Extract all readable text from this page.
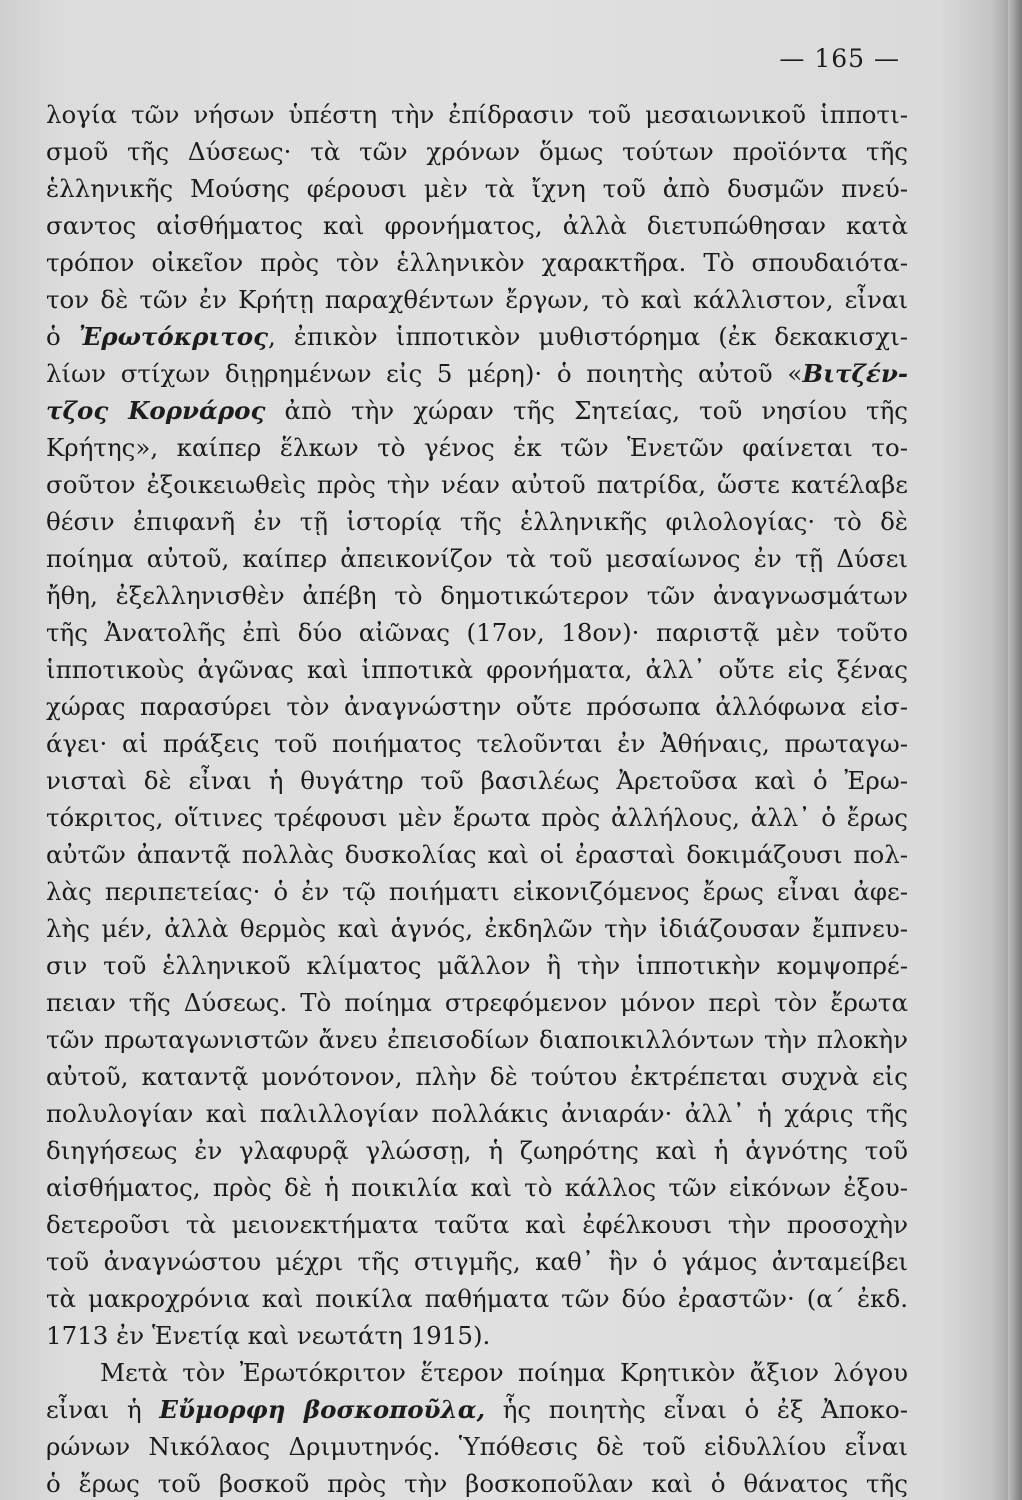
— 165 —
λογία τῶν νήσων ὑπέστη τὴν ἐπίδρασιν τοῦ μεσαιωνικοῦ ἱπποτι-
σμοῦ τῆς Δύσεως· τὰ τῶν χρόνων ὅμως τούτων προϊόντα τῆς
ἑλληνικῆς Μούσης φέρουσι μὲν τὰ ἴχνη τοῦ ἀπὸ δυσμῶν πνεύ-
σαντος αἰσθήματος καὶ φρονήματος, ἀλλὰ διετυπώθησαν κατὰ
τρόπον οἰκεῖον πρὸς τὸν ἑλληνικὸν χαρακτῆρα. Τὸ σπουδαιότα-
τον δὲ τῶν ἐν Κρήτῃ παραχθέντων ἔργων, τὸ καὶ κάλλιστον, εἶναι
ὁ Ἐρωτόκριτος, ἐπικὸν ἱπποτικὸν μυθιστόρημα (ἐκ δεκακισχι-
λίων στίχων διῃρημένων εἰς 5 μέρη)· ὁ ποιητὴς αὐτοῦ «Βιτζέν-
τζος Κορνάρος ἀπὸ τὴν χώραν τῆς Σητείας, τοῦ νησίου τῆς
Κρήτης», καίπερ ἕλκων τὸ γένος ἐκ τῶν Ἑνετῶν φαίνεται το-
σοῦτον ἐξοικειωθεὶς πρὸς τὴν νέαν αὐτοῦ πατρίδα, ὥστε κατέλαβε
θέσιν ἐπιφανῆ ἐν τῇ ἱστορίᾳ τῆς ἑλληνικῆς φιλολογίας· τὸ δὲ
ποίημα αὐτοῦ, καίπερ ἀπεικονίζον τὰ τοῦ μεσαίωνος ἐν τῇ Δύσει
ἤθη, ἐξελληνισθὲν ἀπέβη τὸ δημοτικώτερον τῶν ἀναγνωσμάτων
τῆς Ἀνατολῆς ἐπὶ δύο αἰῶνας (17ον, 18ον)· παριστᾷ μὲν τοῦτο
ἱπποτικοὺς ἀγῶνας καὶ ἱπποτικὰ φρονήματα, ἀλλ᾽ οὔτε εἰς ξένας
χώρας παρασύρει τὸν ἀναγνώστην οὔτε πρόσωπα ἀλλόφωνα εἰσ-
άγει· αἱ πράξεις τοῦ ποιήματος τελοῦνται ἐν Ἀθήναις, πρωταγω-
νισταὶ δὲ εἶναι ἡ θυγάτηρ τοῦ βασιλέως Ἀρετοῦσα καὶ ὁ Ἐρω-
τόκριτος, οἵτινες τρέφουσι μὲν ἔρωτα πρὸς ἀλλήλους, ἀλλ᾽ ὁ ἔρως
αὐτῶν ἀπαντᾷ πολλὰς δυσκολίας καὶ οἱ ἐρασταὶ δοκιμάζουσι πολ-
λὰς περιπετείας· ὁ ἐν τῷ ποιήματι εἰκονιζόμενος ἔρως εἶναι ἀφε-
λὴς μέν, ἀλλὰ θερμὸς καὶ ἁγνός, ἐκδηλῶν τὴν ἰδιάζουσαν ἔμπνευ-
σιν τοῦ ἑλληνικοῦ κλίματος μᾶλλον ἢ τὴν ἱπποτικὴν κομψοπρέ-
πειαν τῆς Δύσεως. Τὸ ποίημα στρεφόμενον μόνον περὶ τὸν ἔρωτα
τῶν πρωταγωνιστῶν ἄνευ ἐπεισοδίων διαποικιλλόντων τὴν πλοκὴν
αὐτοῦ, καταντᾷ μονότονον, πλὴν δὲ τούτου ἐκτρέπεται συχνὰ εἰς
πολυλογίαν καὶ παλιλλογίαν πολλάκις ἀνιαράν· ἀλλ᾽ ἡ χάρις τῆς
διηγήσεως ἐν γλαφυρᾷ γλώσσῃ, ἡ ζωηρότης καὶ ἡ ἁγνότης τοῦ
αἰσθήματος, πρὸς δὲ ἡ ποικιλία καὶ τὸ κάλλος τῶν εἰκόνων ἐξου-
δετεροῦσι τὰ μειονεκτήματα ταῦτα καὶ ἐφέλκουσι τὴν προσοχὴν
τοῦ ἀναγνώστου μέχρι τῆς στιγμῆς, καθ᾽ ἣν ὁ γάμος ἀνταμείβει
τὰ μακροχρόνια καὶ ποικίλα παθήματα τῶν δύο ἐραστῶν· (α΄ ἐκδ.
1713 ἐν Ἑνετίᾳ καὶ νεωτάτη 1915).
Μετὰ τὸν Ἐρωτόκριτον ἕτερον ποίημα Κρητικὸν ἄξιον λόγου
εἶναι ἡ Εὔμορφη βοσκοποῦλα, ἧς ποιητὴς εἶναι ὁ ἐξ Ἀποκο-
ρώνων Νικόλαος Δριμυτηνός. Ὑπόθεσις δὲ τοῦ εἰδυλλίου εἶναι
ὁ ἔρως τοῦ βοσκοῦ πρὸς τὴν βοσκοποῦλαν καὶ ὁ θάνατος τῆς
